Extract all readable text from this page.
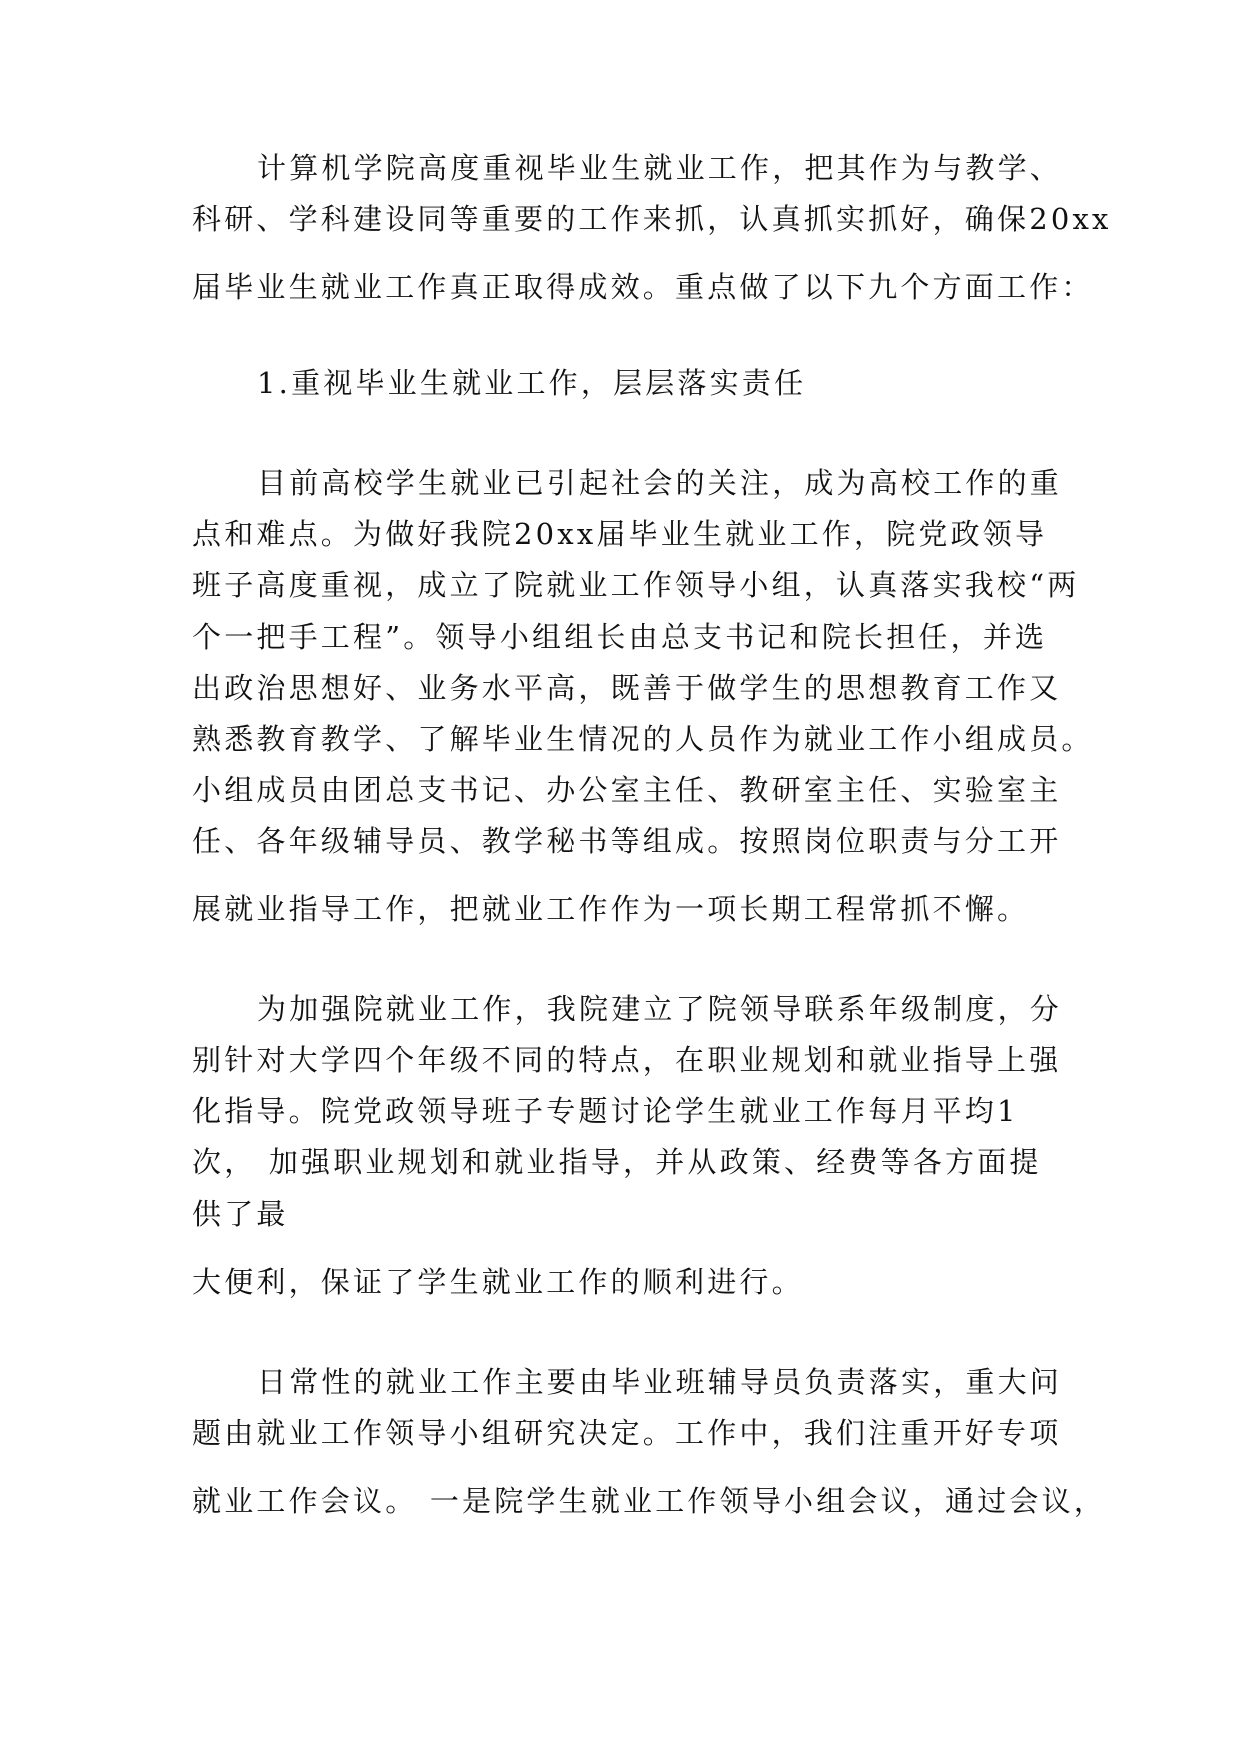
计算机学院高度重视毕业生就业工作，把其作为与教学、
科研、学科建设同等重要的工作来抓，认真抓实抓好，确保20xx
届毕业生就业工作真正取得成效。重点做了以下九个方面工作：
1.重视毕业生就业工作，层层落实责任
目前高校学生就业已引起社会的关注，成为高校工作的重
点和难点。为做好我院20xx届毕业生就业工作，院党政领导
班子高度重视，成立了院就业工作领导小组，认真落实我校“两
个一把手工程”。领导小组组长由总支书记和院长担任，并选
出政治思想好、业务水平高，既善于做学生的思想教育工作又
熟悉教育教学、了解毕业生情况的人员作为就业工作小组成员。
小组成员由团总支书记、办公室主任、教研室主任、实验室主
任、各年级辅导员、教学秘书等组成。按照岗位职责与分工开
展就业指导工作，把就业工作作为一项长期工程常抓不懈。
为加强院就业工作，我院建立了院领导联系年级制度，分
别针对大学四个年级不同的特点，在职业规划和就业指导上强
化指导。院党政领导班子专题讨论学生就业工作每月平均1
次， 加强职业规划和就业指导，并从政策、经费等各方面提
供了最
大便利，保证了学生就业工作的顺利进行。
日常性的就业工作主要由毕业班辅导员负责落实，重大问
题由就业工作领导小组研究决定。工作中，我们注重开好专项
就业工作会议。 一是院学生就业工作领导小组会议，通过会议，
